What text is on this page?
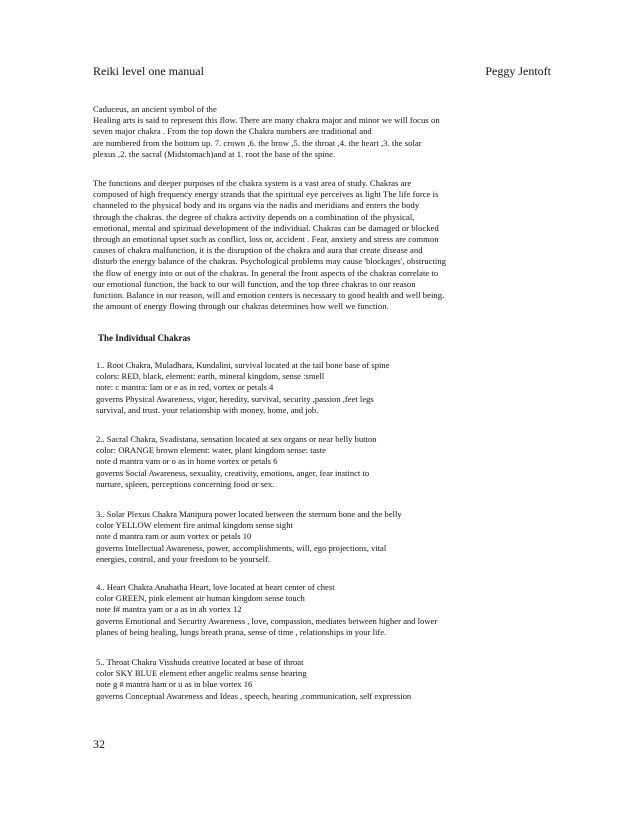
Reiki level one manual	Peggy Jentoft
Caduceus, an ancient symbol of the
Healing arts is said to represent this flow. There are many chakra major and minor we will focus on
seven major chakra . From the top down the Chakra numbers are traditional and
are numbered from the bottom up. 7. crown ,6. the brow ,5. the throat ,4. the heart ,3. the solar
plexus ,2. the sacral (Midstomach)and at 1. root the base of the spine.
The functions and deeper purposes of the chakra system is a vast area of study. Chakras are
composed of high frequency energy strands that the spiritual eye perceives as light The life force is
channeled to the physical body and its organs via the nadis and meridians and enters the body
through the chakras. the degree of chakra activity depends on a combination of the physical,
emotional, mental and spiritual development of the individual. Chakras can be damaged or blocked
through an emotional upset such as conflict, loss or, accident . Fear, anxiety and stress are common
causes of chakra malfunction, it is the disruption of the chakra and aura that create disease and
disturb the energy balance of the chakras. Psychological problems may cause 'blockages', obstructing
the flow of energy into or out of the chakras. In general the front aspects of the chakras correlate to
our emotional function, the back to our will function, and the top three chakras to our reason
function. Balance in our reason, will and emotion centers is necessary to good health and well being.
the amount of energy flowing through our chakras determines how well we function.
The Individual Chakras
1.. Root Chakra, Muladhara, Kundalini, survival located at the tail bone base of spine
colors: RED, black, element: earth, mineral kingdom, sense :smell
note: c mantra: lam or e as in red, vortex or petals 4
governs Physical Awareness, vigor, heredity, survival, security ,passion ,feet legs
survival, and trust. your relationship with money, home, and job.
2.. Sacral Chakra, Svadistana, sensation located at sex organs or near belly button
color: ORANGE brown element: water, plant kingdom sense: taste
note d mantra vam or o as in home vortex or petals 6
governs Social Awareness, sexuality, creativity, emotions, anger, fear instinct to
nurture, spleen, perceptions concerning food or sex.
3.. Solar Plexus Chakra Manipura power located between the sternum bone and the belly
color YELLOW element fire animal kingdom sense sight
note d mantra ram or aum vortex or petals 10
governs Intellectual Awareness, power, accomplishments, will, ego projections, vital
energies, control, and your freedom to be yourself.
4.. Heart Chakra Anahatha Heart, love located at heart center of chest
color GREEN, pink element air human kingdom sense touch
note f# mantra yam or a as in ah vortex 12
governs Emotional and Security Awareness , love, compassion, mediates between higher and lower
planes of being healing, lungs breath prana, sense of time , relationships in your life.
5.. Throat Chakra Visshuda creative located at base of throat
color SKY BLUE element ether angelic realms sense hearing
note g # mantra ham or u as in blue vortex 16
governs Conceptual Awareness and Ideas , speech, hearing ,communication, self expression
32
